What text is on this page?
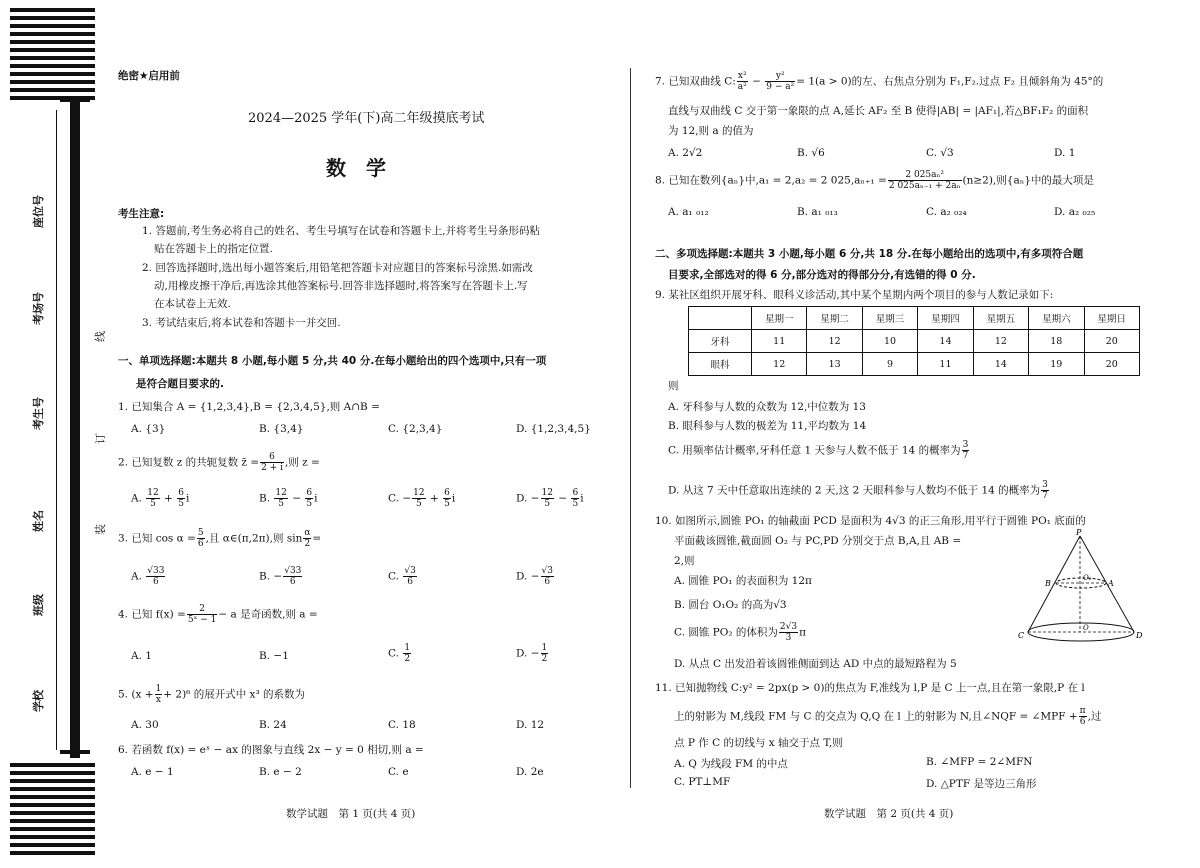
座位号
考场号
考生号
姓名
班级
学校
线
订
装
绝密★启用前
2024—2025 学年(下)高二年级摸底考试
数　学
考生注意:
1. 答题前,考生务必将自己的姓名、考生号填写在试卷和答题卡上,并将考生号条形码粘
贴在答题卡上的指定位置.
2. 回答选择题时,选出每小题答案后,用铅笔把答题卡对应题目的答案标号涂黑.如需改
动,用橡皮擦干净后,再选涂其他答案标号.回答非选择题时,将答案写在答题卡上.写
在本试卷上无效.
3. 考试结束后,将本试卷和答题卡一并交回.
一、单项选择题:本题共 8 小题,每小题 5 分,共 40 分.在每小题给出的四个选项中,只有一项
是符合题目要求的.
1. 已知集合 A = {1,2,3,4},B = {2,3,4,5},则 A∩B =
A. {3}	B. {3,4}	C. {2,3,4}	D. {1,2,3,4,5}
2. 已知复数 z 的共轭复数 z̄ = $\frac{6}{2 + i}$ ,则 z =
A. $\frac{12}{5} + \frac{6}{5}$ i	B. $\frac{12}{5} - \frac{6}{5}$ i	C. − $\frac{12}{5} + \frac{6}{5}$ i	D. − $\frac{12}{5} - \frac{6}{5}$ i
3. 已知 $\cos \alpha = \frac{5}{6}$ ,且 α∈(π,2π),则 $\sin \frac{\alpha}{2}$ =
A. $\frac{√33}{6}$	B. − $\frac{√33}{6}$	C. $\frac{√3}{6}$	D. − $\frac{√3}{6}$
4. 已知 $f(x) = \frac{2}{\text{5ˣ − 1}} - a$ 是奇函数,则 a =
A. 1	B. −1	C. $\frac{1}{2}$	D. − $\frac{1}{2}$
5. $(x + \frac{1}{x} + 2)^6$ 的展开式中 x³ 的系数为
A. 30	B. 24	C. 18	D. 12
6. 若函数 f(x) = eˣ − ax 的图象与直线 2x − y = 0 相切,则 a =
A. e − 1	B. e − 2	C. e	D. 2e
数学试题　第 1 页(共 4 页)
7. 已知双曲线 C: $\frac{\text{x²}}{\text{a²}} - \frac{\text{y²}}{\text{9 − a²}} = 1(a > 0)$的左、右焦点分别为 F₁,F₂.过点 F₂ 且倾斜角为 45°的
直线与双曲线 C 交于第一象限的点 A,延长 AF₂ 至 B 使得|AB| = |AF₁|,若△BF₁F₂ 的面积
为 12,则 a 的值为
A. 2√2	B. √6	C. √3	D. 1
8. 已知在数列{aₙ}中,a₁ = 2,a₂ = 2 $025,a_{n+1} = \frac{\text{2 025aₙ²}}{\text{2 025aₙ₋₁ + 2aₙ}} (n\ge 2)$,则{aₙ}中的最大项是
A. a₁ ₀₁₂	B. a₁ ₀₁₃	C. a₂ ₀₂₄	D. a₂ ₀₂₅
二、多项选择题:本题共 3 小题,每小题 6 分,共 18 分.在每小题给出的选项中,有多项符合题
目要求,全部选对的得 6 分,部分选对的得部分分,有选错的得 0 分.
9. 某社区组织开展牙科、眼科义诊活动,其中某个星期内两个项目的参与人数记录如下:
	星期一	星期二	星期三	星期四	星期五	星期六	星期日
牙科	11	12	10	14	12	18	20
眼科	12	13	9	11	14	19	20
则
A. 牙科参与人数的众数为 12,中位数为 13
B. 眼科参与人数的极差为 11,平均数为 14
C. 用频率估计概率,牙科任意 1 天参与人数不低于 14 的概率为 $\frac{3}{7}$
D. 从这 7 天中任意取出连续的 2 天,这 2 天眼科参与人数均不低于 14 的概率为 $\frac{3}{7}$
10. 如图所示,圆锥 PO₁ 的轴截面 PCD 是面积为 4√3 的正三角形,用平行于圆锥 PO₁ 底面的
平面截该圆锥,截面圆 O₂ 与 PC,PD 分别交于点 B,A,且 AB =
2,则
A. 圆锥 PO₁ 的表面积为 12π
B. 圆台 O₁O₂ 的高为√3
C. 圆锥 PO₂ 的体积为 $\frac{2√3}{3}$ π
D. 从点 C 出发沿着该圆锥侧面到达 AD 中点的最短路程为 5
P
B	A
C	D
O₂
O
11. 已知抛物线 C:y² = 2px(p > 0)的焦点为 F,准线为 l,P 是 C 上一点,且在第一象限,P 在 l
上的射影为 M,线段 FM 与 C 的交点为 Q,Q 在 l 上的射影为 N,且∠NQF = ∠MPF + $\frac{\pi}{6}$ ,过
点 P 作 C 的切线与 x 轴交于点 T,则
A. Q 为线段 FM 的中点	B. ∠MFP = 2∠MFN
C. PT⊥MF	D. △PTF 是等边三角形
数学试题　第 2 页(共 4 页)
